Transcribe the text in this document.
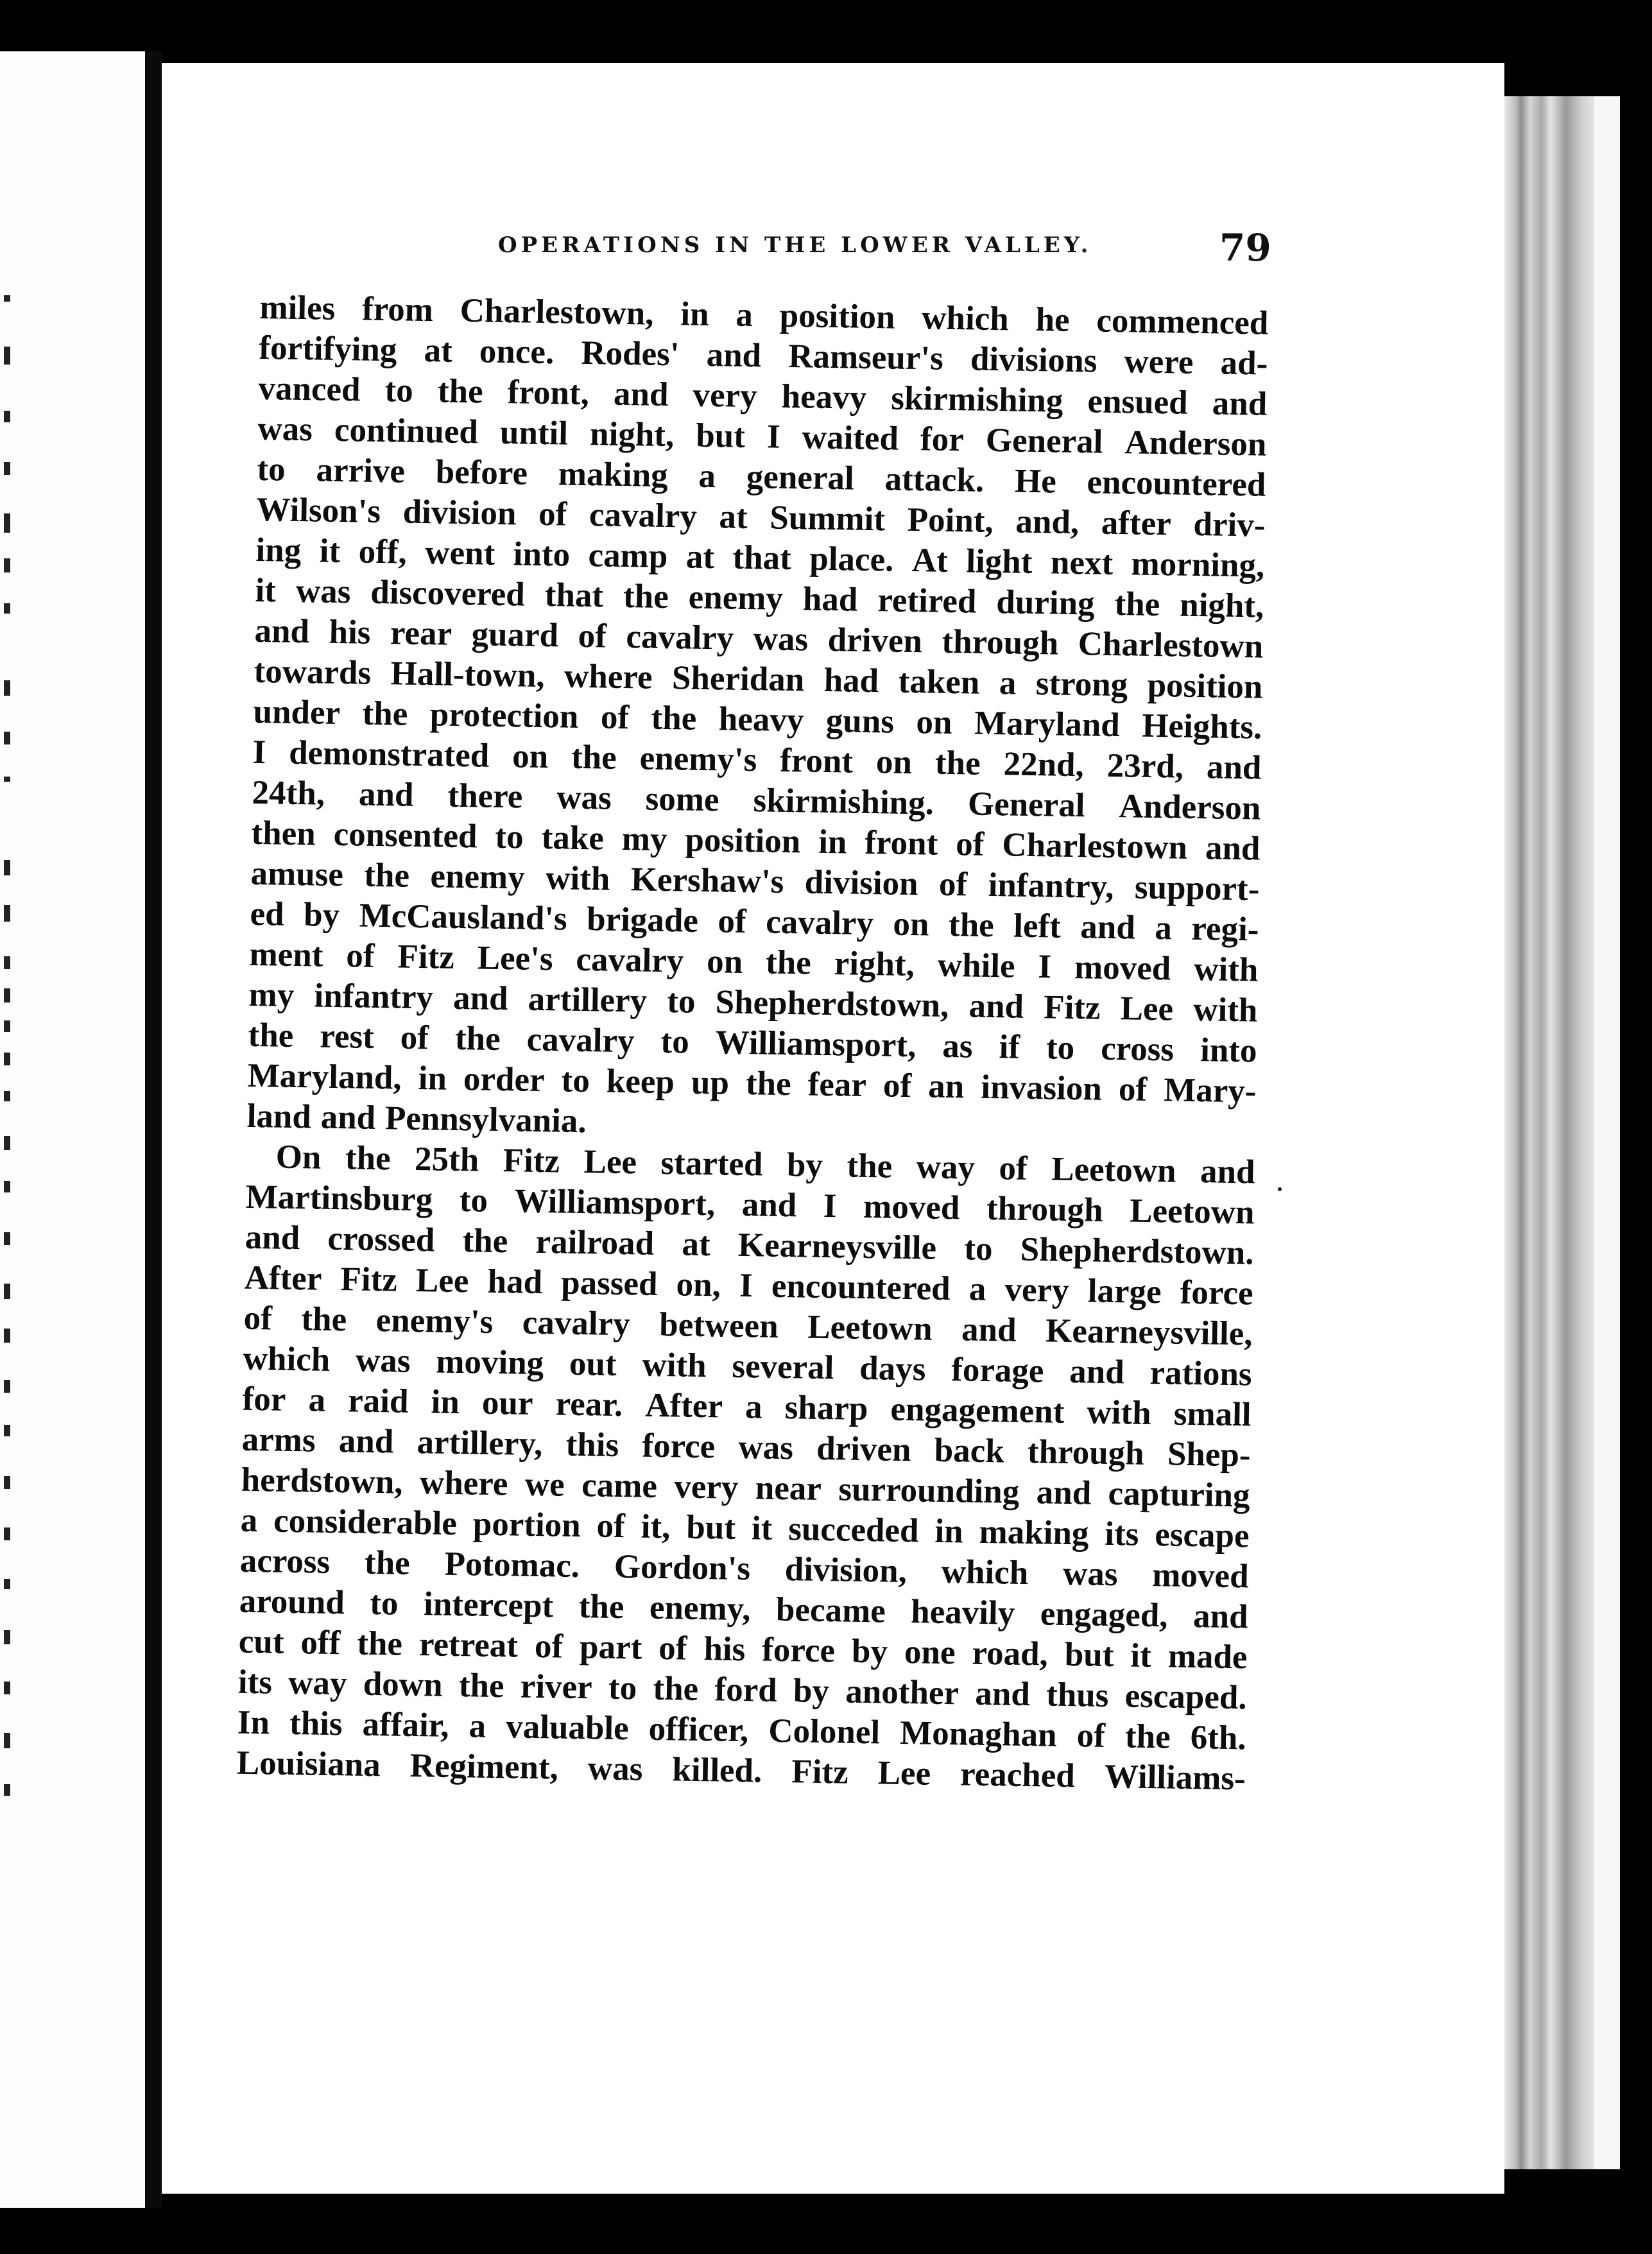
OPERATIONS IN THE LOWER VALLEY.	79
miles from Charlestown, in a position which he commenced
fortifying at once. Rodes' and Ramseur's divisions were ad-
vanced to the front, and very heavy skirmishing ensued and
was continued until night, but I waited for General Anderson
to arrive before making a general attack. He encountered
Wilson's division of cavalry at Summit Point, and, after driv-
ing it off, went into camp at that place. At light next morning,
it was discovered that the enemy had retired during the night,
and his rear guard of cavalry was driven through Charlestown
towards Hall-town, where Sheridan had taken a strong position
under the protection of the heavy guns on Maryland Heights.
I demonstrated on the enemy's front on the 22nd, 23rd, and
24th, and there was some skirmishing. General Anderson
then consented to take my position in front of Charlestown and
amuse the enemy with Kershaw's division of infantry, support-
ed by McCausland's brigade of cavalry on the left and a regi-
ment of Fitz Lee's cavalry on the right, while I moved with
my infantry and artillery to Shepherdstown, and Fitz Lee with
the rest of the cavalry to Williamsport, as if to cross into
Maryland, in order to keep up the fear of an invasion of Mary-
land and Pennsylvania.
On the 25th Fitz Lee started by the way of Leetown and
Martinsburg to Williamsport, and I moved through Leetown
and crossed the railroad at Kearneysville to Shepherdstown.
After Fitz Lee had passed on, I encountered a very large force
of the enemy's cavalry between Leetown and Kearneysville,
which was moving out with several days forage and rations
for a raid in our rear. After a sharp engagement with small
arms and artillery, this force was driven back through Shep-
herdstown, where we came very near surrounding and capturing
a considerable portion of it, but it succeded in making its escape
across the Potomac. Gordon's division, which was moved
around to intercept the enemy, became heavily engaged, and
cut off the retreat of part of his force by one road, but it made
its way down the river to the ford by another and thus escaped.
In this affair, a valuable officer, Colonel Monaghan of the 6th.
Louisiana Regiment, was killed. Fitz Lee reached Williams-
